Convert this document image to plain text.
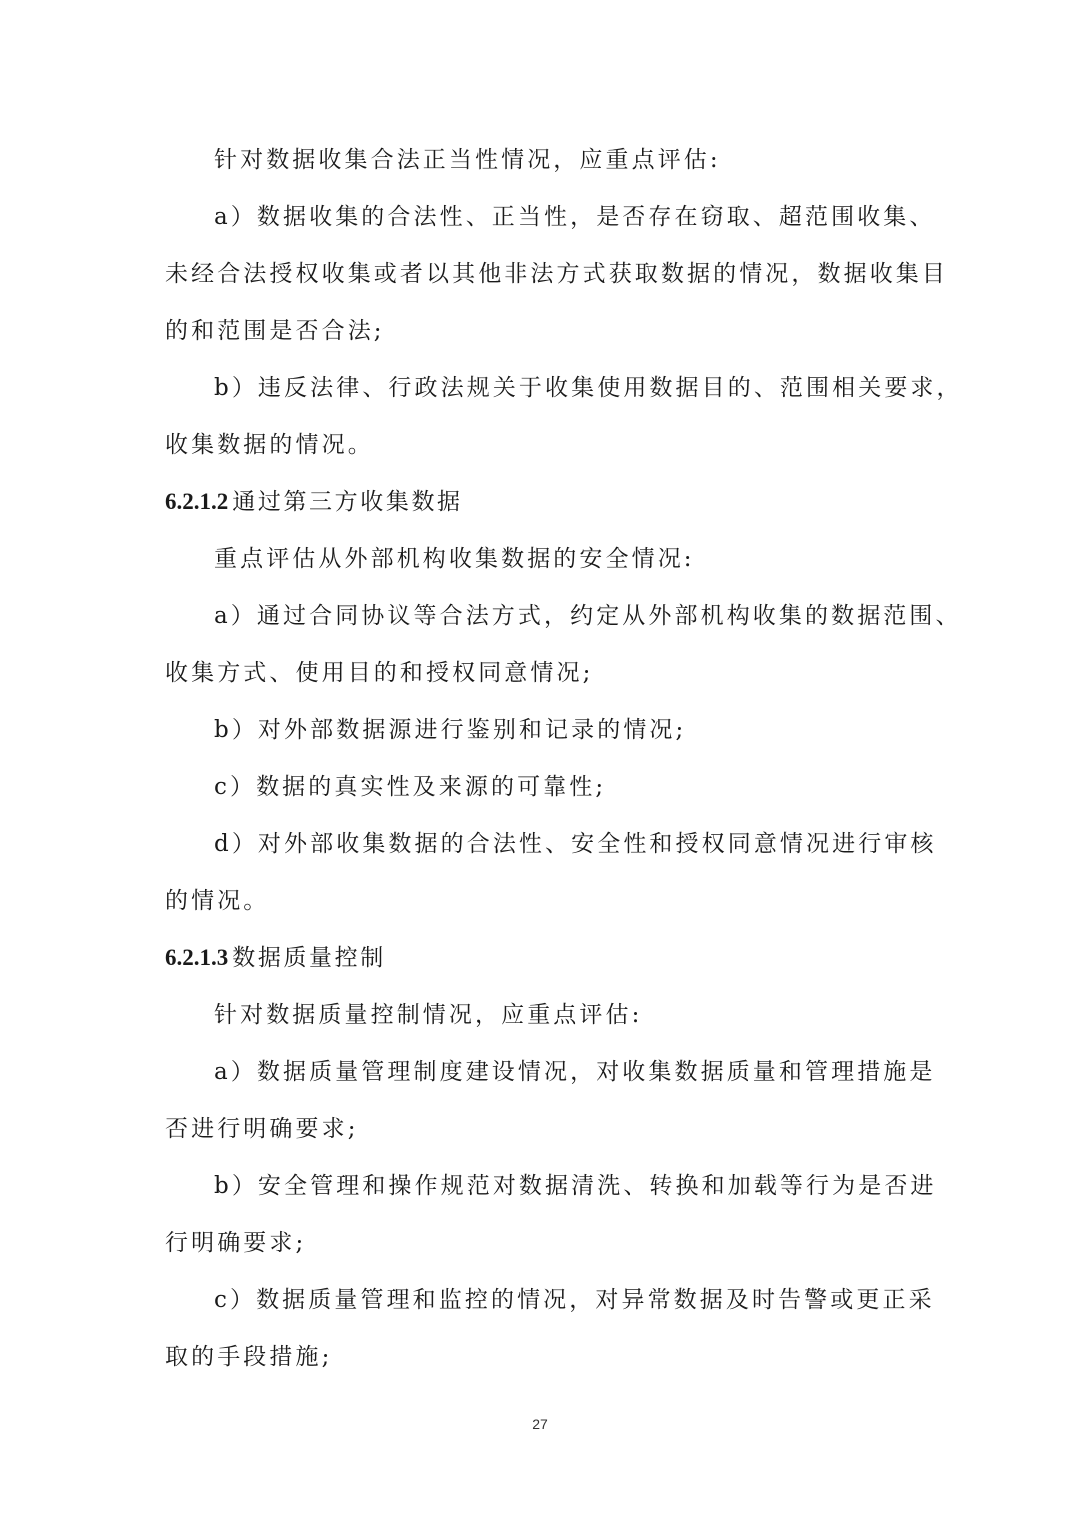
针对数据收集合法正当性情况，应重点评估:
a）数据收集的合法性、正当性，是否存在窃取、超范围收集、
未经合法授权收集或者以其他非法方式获取数据的情况，数据收集目
的和范围是否合法;
b）违反法律、行政法规关于收集使用数据目的、范围相关要求，
收集数据的情况。
6.2.1.2 通过第三方收集数据
重点评估从外部机构收集数据的安全情况:
a）通过合同协议等合法方式，约定从外部机构收集的数据范围、
收集方式、使用目的和授权同意情况;
b）对外部数据源进行鉴别和记录的情况;
c）数据的真实性及来源的可靠性;
d）对外部收集数据的合法性、安全性和授权同意情况进行审核
的情况。
6.2.1.3 数据质量控制
针对数据质量控制情况，应重点评估:
a）数据质量管理制度建设情况，对收集数据质量和管理措施是
否进行明确要求;
b）安全管理和操作规范对数据清洗、转换和加载等行为是否进
行明确要求;
c）数据质量管理和监控的情况，对异常数据及时告警或更正采
取的手段措施;
27
